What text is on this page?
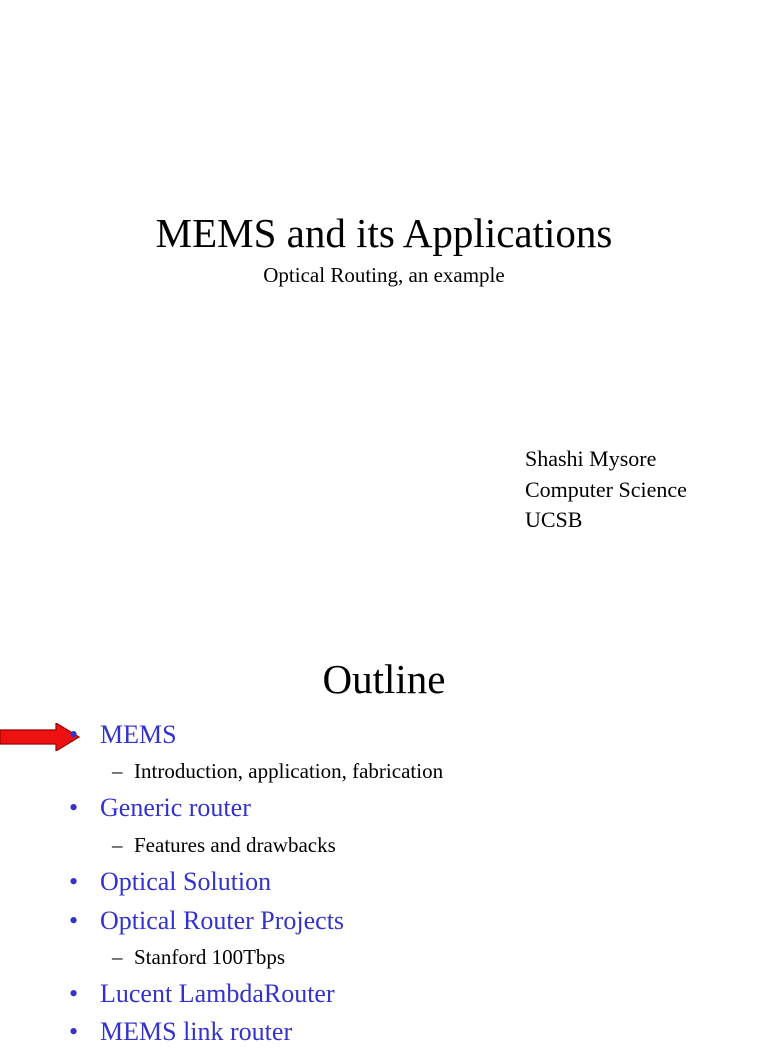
MEMS and its Applications
Optical Routing, an example
Shashi Mysore
Computer Science
UCSB
Outline
• MEMS
– Introduction, application, fabrication
• Generic router
– Features and drawbacks
• Optical Solution
• Optical Router Projects
– Stanford 100Tbps
• Lucent LambdaRouter
• MEMS link router
